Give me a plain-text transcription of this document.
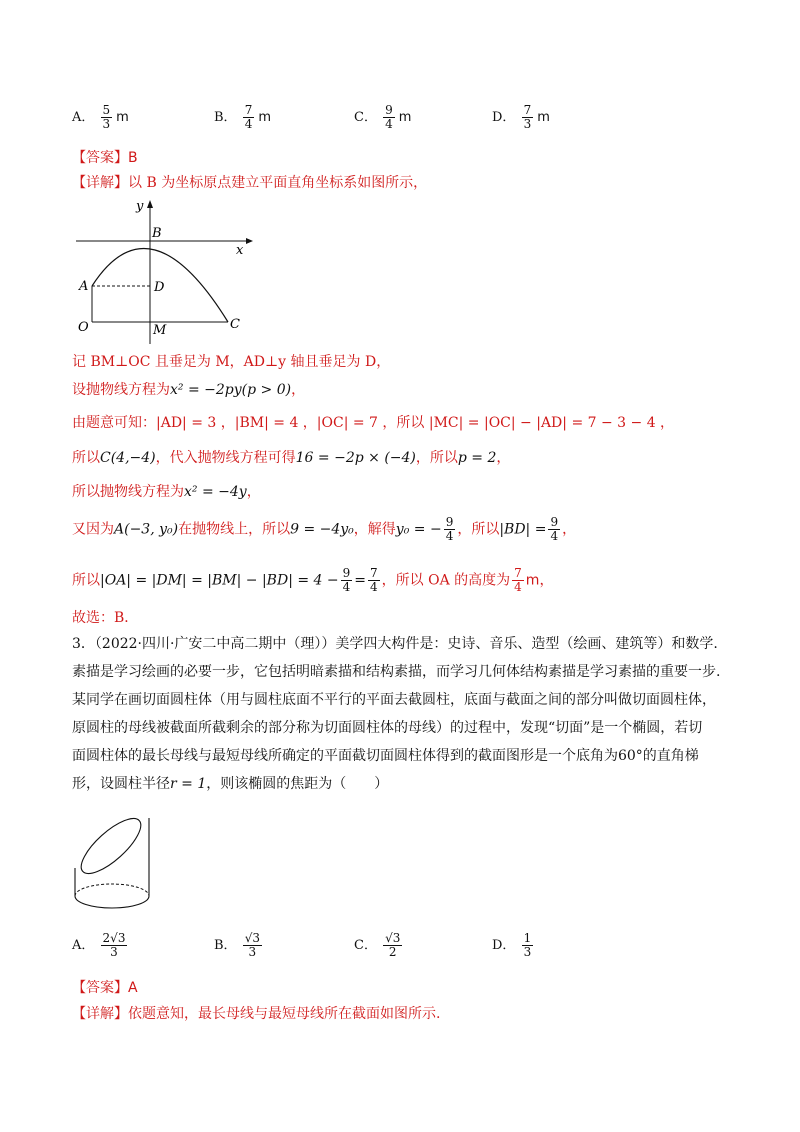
A． $\frac{5}{3}$ m	B． $\frac{7}{4}$ m	C． $\frac{9}{4}$ m	D． $\frac{7}{3}$ m
【答案】B
【详解】以 B 为坐标原点建立平面直角坐标系如图所示，
y
x
B
A	D
O	M	C
记 BM⊥OC 且垂足为 M，AD⊥y 轴且垂足为 D，
设抛物线方程为x² = −2py(p > 0)，
由题意可知：|AD| = 3 ，|BM| = 4 ，|OC| = 7 ，所以 |MC| = |OC| − |AD| = 7 − 3 − 4 ，
所以C(4,−4)，代入抛物线方程可得16 = −2p × (−4)，所以p = 2，
所以抛物线方程为x² = −4y，
又因为A(−3, y₀)在抛物线上，所以9 = −4y₀，解得y₀ = − $\frac{9}{4}$ ，所以$|BD| = \frac{9}{4}$ ，
所以$|OA| = |DM| = |BM| - |BD| = 4 - \frac{9}{4} = \frac{7}{4}$ ，所以 OA 的高度为 $\frac{7}{4}$ m，
故选：B．
3．（2022·四川·广安二中高二期中（理））美学四大构件是：史诗、音乐、造型（绘画、建筑等）和数学.
素描是学习绘画的必要一步，它包括明暗素描和结构素描，而学习几何体结构素描是学习素描的重要一步.
某同学在画切面圆柱体（用与圆柱底面不平行的平面去截圆柱，底面与截面之间的部分叫做切面圆柱体，
原圆柱的母线被截面所截剩余的部分称为切面圆柱体的母线）的过程中，发现“切面”是一个椭圆，若切
面圆柱体的最长母线与最短母线所确定的平面截切面圆柱体得到的截面图形是一个底角为60°的直角梯
形，设圆柱半径r = 1，则该椭圆的焦距为（　　）
A． $\frac{2√3}{3}$	B． $\frac{√3}{3}$	C． $\frac{√3}{2}$	D． $\frac{1}{3}$
【答案】A
【详解】依题意知，最长母线与最短母线所在截面如图所示.
